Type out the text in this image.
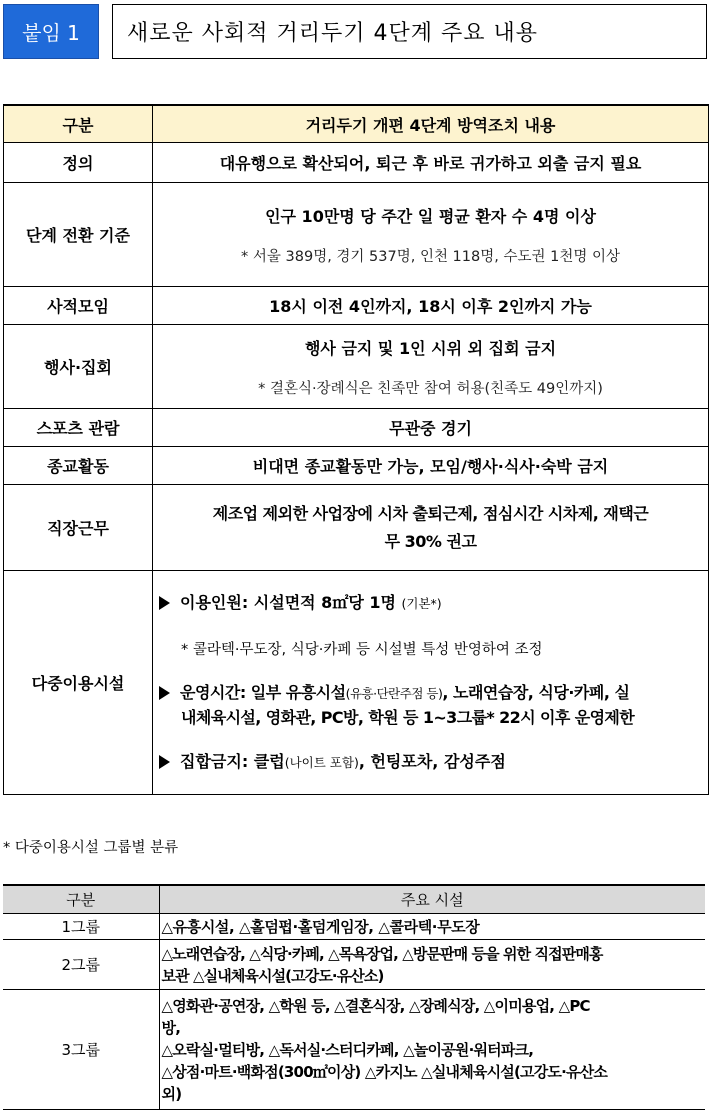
붙임 1	새로운 사회적 거리두기 4단계 주요 내용
구분	거리두기 개편 4단계 방역조치 내용
정의	대유행으로 확산되어, 퇴근 후 바로 귀가하고 외출 금지 필요
단계 전환 기준	인구 10만명 당 주간 일 평균 환자 수 4명 이상
* 서울 389명, 경기 537명, 인천 118명, 수도권 1천명 이상

사적모임	18시 이전 4인까지, 18시 이후 2인까지 가능
행사·집회	행사 금지 및 1인 시위 외 집회 금지
* 결혼식·장례식은 친족만 참여 허용(친족도 49인까지)

스포츠 관람	무관중 경기
종교활동	비대면 종교활동만 가능, 모임/행사·식사·숙박 금지
직장근무	제조업 제외한 사업장에 시차 출퇴근제, 점심시간 시차제, 재택근
무 30% 권고

다중이용시설	이용인원: 시설면적 8㎡당 1명 (기본*)
* 콜라텍·무도장, 식당·카페 등 시설별 특성 반영하여 조정
운영시간: 일부 유흥시설(유흥·단란주점 등), 노래연습장, 식당·카페, 실
내체육시설, 영화관, PC방, 학원 등 1~3그룹* 22시 이후 운영제한
집합금지: 클럽(나이트 포함), 헌팅포차, 감성주점
* 다중이용시설 그룹별 분류
구분	주요 시설
1그룹	△유흥시설, △홀덤펍·홀덤게임장, △콜라텍·무도장

2그룹	△노래연습장, △식당·카페, △목욕장업, △방문판매 등을 위한 직접판매홍
보관 △실내체육시설(고강도·유산소)

3그룹	△영화관·공연장, △학원 등, △결혼식장, △장례식장, △이미용업, △PC
방,
△오락실·멀티방, △독서실·스터디카페, △놀이공원·워터파크,
△상점·마트·백화점(300㎡이상) △카지노 △실내체육시설(고강도·유산소
외)
